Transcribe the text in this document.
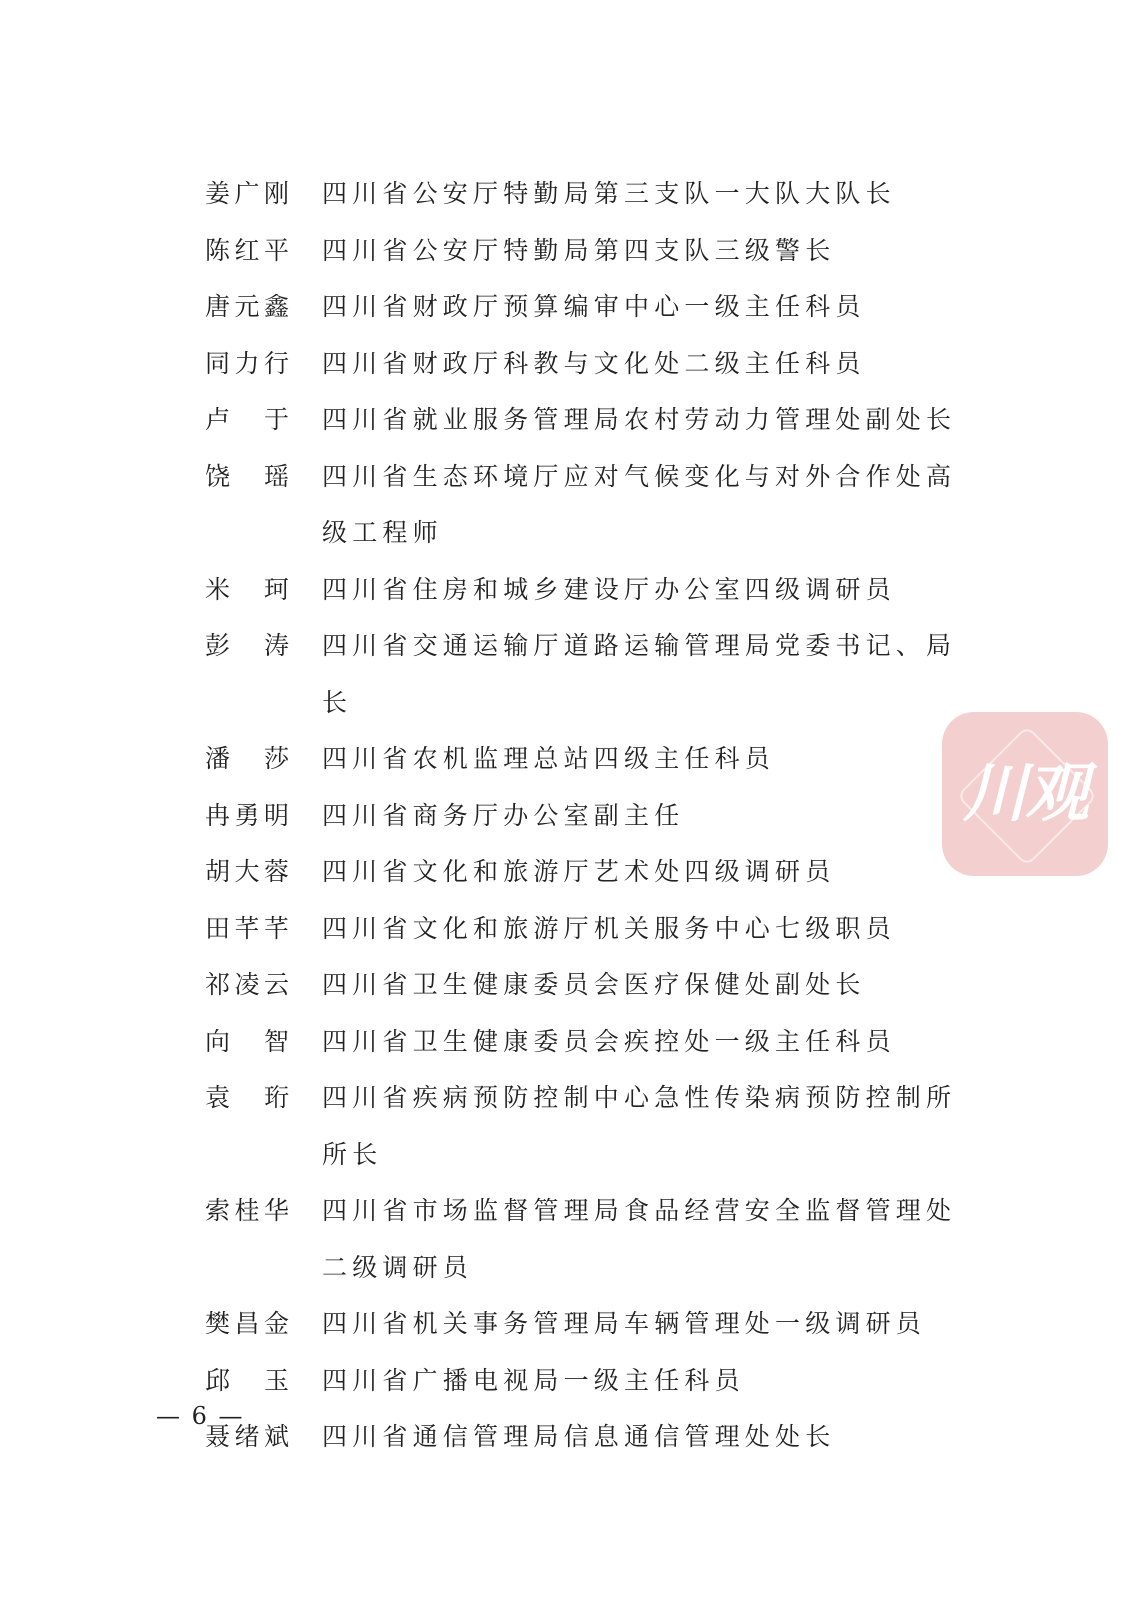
姜 广 刚 四川省公安厅特勤局第三支队一大队大队长
陈 红 平 四川省公安厅特勤局第四支队三级警长
唐 元 鑫 四川省财政厅预算编审中心一级主任科员
同 力 行 四川省财政厅科教与文化处二级主任科员
卢 于 四川省就业服务管理局农村劳动力管理处副处长
饶 瑶 四川省生态环境厅应对气候变化与对外合作处高级工程师
米 珂 四川省住房和城乡建设厅办公室四级调研员
彭 涛 四川省交通运输厅道路运输管理局党委书记、局长
潘 莎 四川省农机监理总站四级主任科员
冉 勇 明 四川省商务厅办公室副主任
胡 大 蓉 四川省文化和旅游厅艺术处四级调研员
田 芊 芊 四川省文化和旅游厅机关服务中心七级职员
祁 凌 云 四川省卫生健康委员会医疗保健处副处长
向 智 四川省卫生健康委员会疾控处一级主任科员
袁 珩 四川省疾病预防控制中心急性传染病预防控制所所长
索 桂 华 四川省市场监督管理局食品经营安全监督管理处二级调研员
樊 昌 金 四川省机关事务管理局车辆管理处一级调研员
邱 玉 四川省广播电视局一级主任科员
聂 绪 斌 四川省通信管理局信息通信管理处处长
— 6 —
川观
